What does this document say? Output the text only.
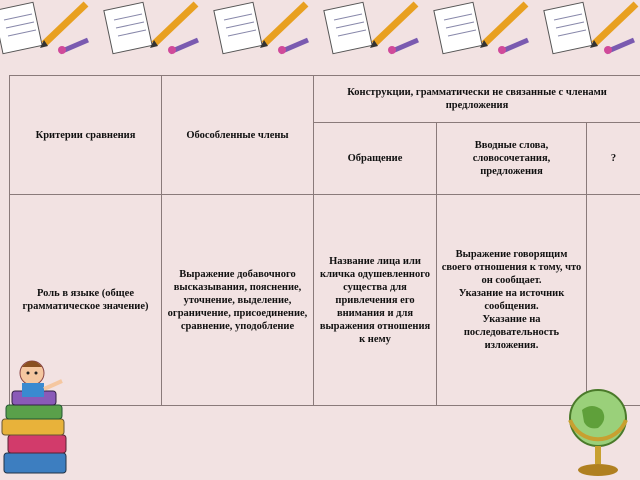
Критерии сравнения	Обособленные члены	Конструкции, грамматически не связанные с членами предложения		
		Обращение	Вводные слова, словосочетания, предложения	?
Роль в языке (общее грамматическое значение)	Выражение добавочного высказывания, пояснение, уточнение, выделение, ограничение, присоединение, сравнение, уподобление	Название лица или кличка одушевленного существа для привлечения его внимания и для выражения отношения к нему	Выражение говорящим своего отношения к тому, что он сообщает.
Указание на источник сообщения.
Указание на последовательность изложения.	
